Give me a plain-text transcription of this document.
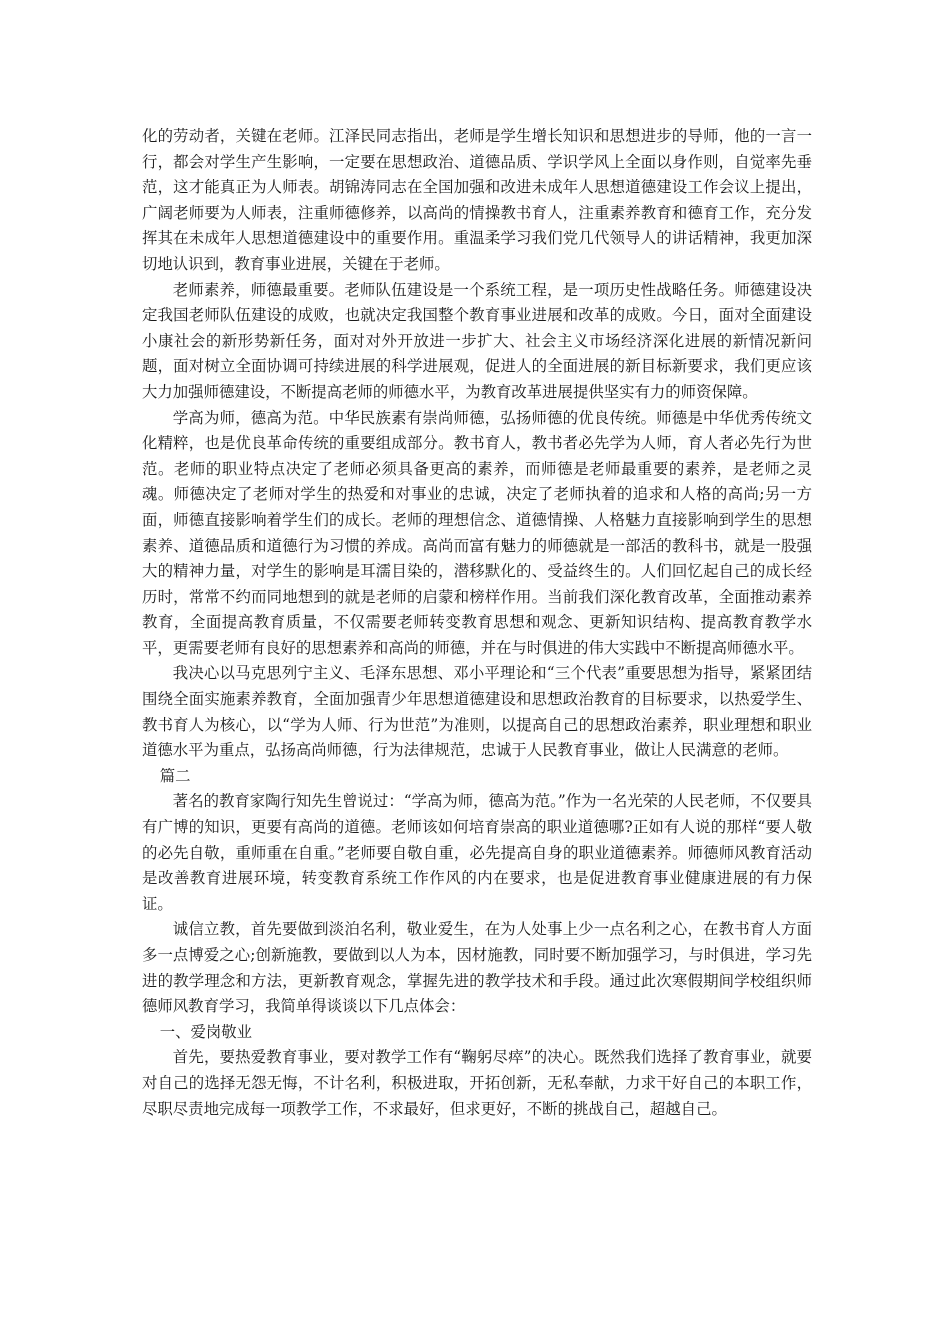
化的劳动者，关键在老师。江泽民同志指出，老师是学生增长知识和思想进步的导师，他的一言一行，都会对学生产生影响，一定要在思想政治、道德品质、学识学风上全面以身作则，自觉率先垂范，这才能真正为人师表。胡锦涛同志在全国加强和改进未成年人思想道德建设工作会议上提出，广阔老师要为人师表，注重师德修养，以高尚的情操教书育人，注重素养教育和德育工作，充分发挥其在未成年人思想道德建设中的重要作用。重温柔学习我们党几代领导人的讲话精神，我更加深切地认识到，教育事业进展，关键在于老师。

老师素养，师德最重要。老师队伍建设是一个系统工程，是一项历史性战略任务。师德建设决定我国老师队伍建设的成败，也就决定我国整个教育事业进展和改革的成败。今日，面对全面建设小康社会的新形势新任务，面对对外开放进一步扩大、社会主义市场经济深化进展的新情况新问题，面对树立全面协调可持续进展的科学进展观，促进人的全面进展的新目标新要求，我们更应该大力加强师德建设，不断提高老师的师德水平，为教育改革进展提供坚实有力的师资保障。

学高为师，德高为范。中华民族素有崇尚师德，弘扬师德的优良传统。师德是中华优秀传统文化精粹，也是优良革命传统的重要组成部分。教书育人，教书者必先学为人师，育人者必先行为世范。老师的职业特点决定了老师必须具备更高的素养，而师德是老师最重要的素养，是老师之灵魂。师德决定了老师对学生的热爱和对事业的忠诚，决定了老师执着的追求和人格的高尚;另一方面，师德直接影响着学生们的成长。老师的理想信念、道德情操、人格魅力直接影响到学生的思想素养、道德品质和道德行为习惯的养成。高尚而富有魅力的师德就是一部活的教科书，就是一股强大的精神力量，对学生的影响是耳濡目染的，潜移默化的、受益终生的。人们回忆起自己的成长经历时，常常不约而同地想到的就是老师的启蒙和榜样作用。当前我们深化教育改革，全面推动素养教育，全面提高教育质量，不仅需要老师转变教育思想和观念、更新知识结构、提高教育教学水平，更需要老师有良好的思想素养和高尚的师德，并在与时俱进的伟大实践中不断提高师德水平。

我决心以马克思列宁主义、毛泽东思想、邓小平理论和“三个代表”重要思想为指导，紧紧团结围绕全面实施素养教育，全面加强青少年思想道德建设和思想政治教育的目标要求，以热爱学生、教书育人为核心，以“学为人师、行为世范”为准则，以提高自己的思想政治素养，职业理想和职业道德水平为重点，弘扬高尚师德，行为法律规范，忠诚于人民教育事业，做让人民满意的老师。

篇二

著名的教育家陶行知先生曾说过：“学高为师，德高为范。”作为一名光荣的人民老师，不仅要具有广博的知识，更要有高尚的道德。老师该如何培育崇高的职业道德哪?正如有人说的那样“要人敬的必先自敬，重师重在自重。”老师要自敬自重，必先提高自身的职业道德素养。师德师风教育活动是改善教育进展环境，转变教育系统工作作风的内在要求，也是促进教育事业健康进展的有力保证。

诚信立教，首先要做到淡泊名利，敬业爱生，在为人处事上少一点名利之心，在教书育人方面多一点博爱之心;创新施教，要做到以人为本，因材施教，同时要不断加强学习，与时俱进，学习先进的教学理念和方法，更新教育观念，掌握先进的教学技术和手段。通过此次寒假期间学校组织师德师风教育学习，我简单得谈谈以下几点体会：

一、爱岗敬业

首先，要热爱教育事业，要对教学工作有“鞠躬尽瘁”的决心。既然我们选择了教育事业，就要对自己的选择无怨无悔，不计名利，积极进取，开拓创新，无私奉献，力求干好自己的本职工作，尽职尽责地完成每一项教学工作，不求最好，但求更好，不断的挑战自己，超越自己。
